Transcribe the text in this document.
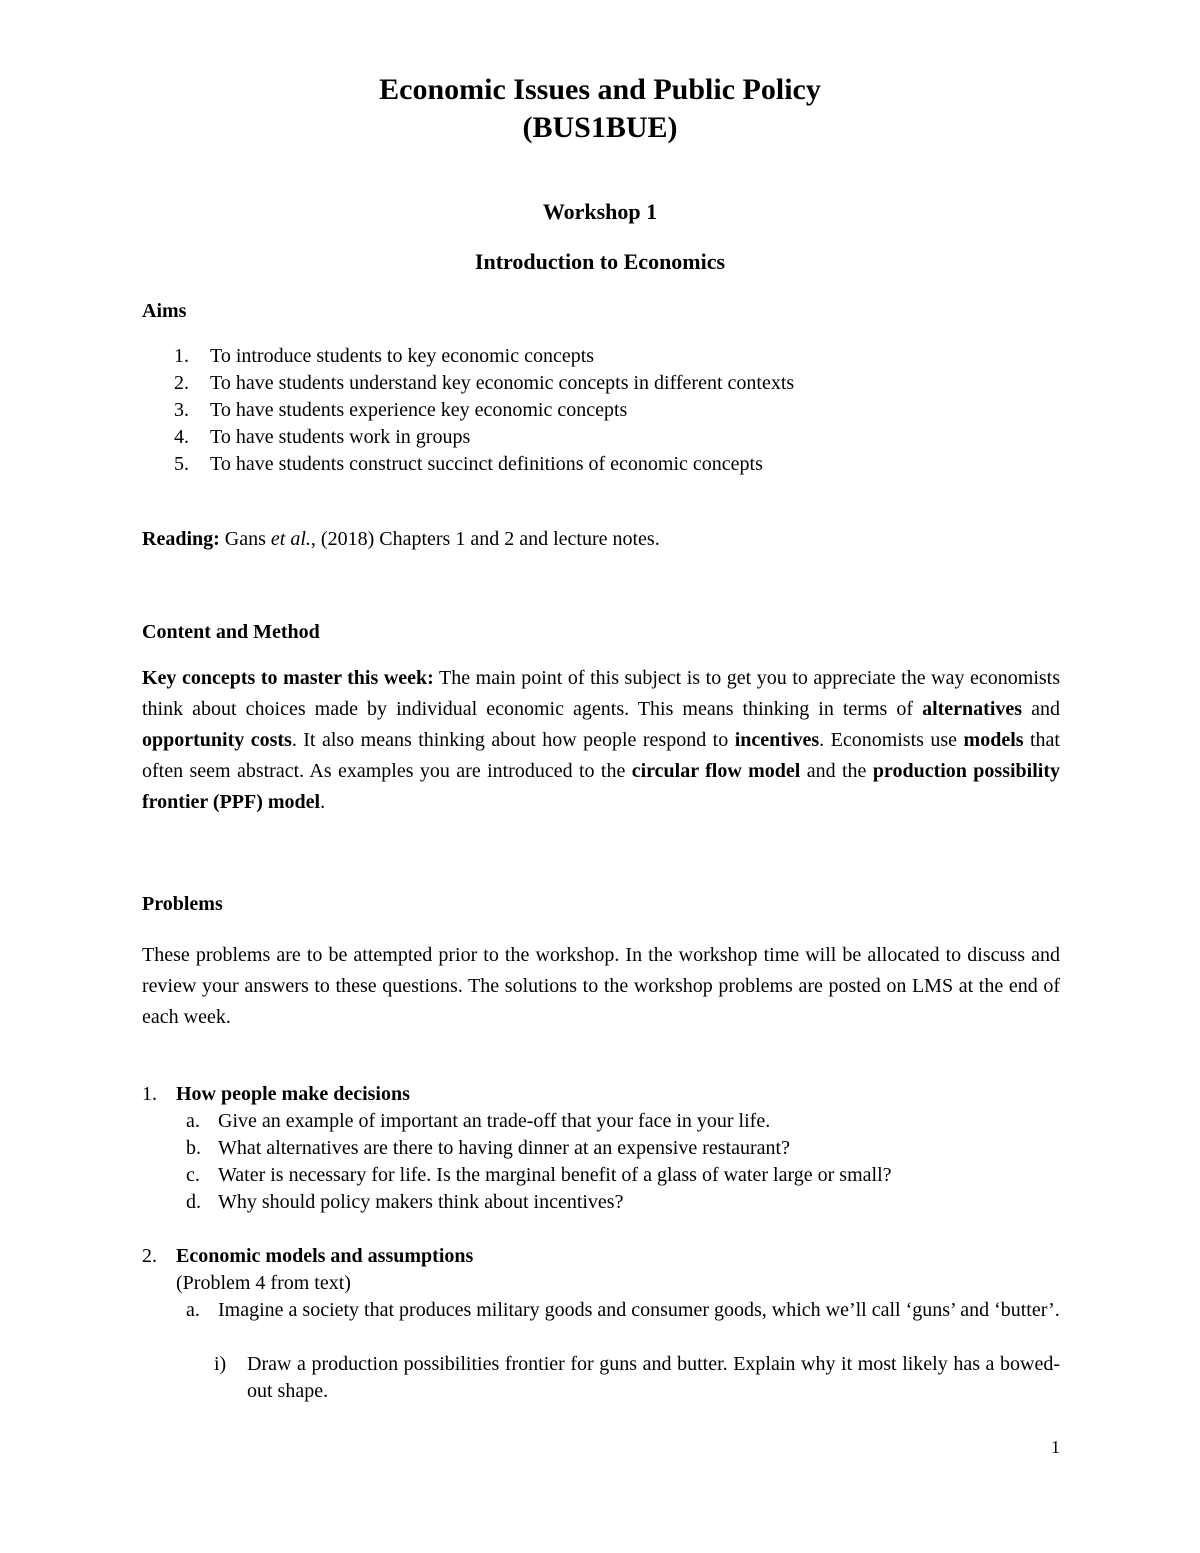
Economic Issues and Public Policy
(BUS1BUE)
Workshop 1
Introduction to Economics
Aims
1. To introduce students to key economic concepts
2. To have students understand key economic concepts in different contexts
3. To have students experience key economic concepts
4. To have students work in groups
5. To have students construct succinct definitions of economic concepts

Reading: Gans et al., (2018) Chapters 1 and 2 and lecture notes.

Content and Method

Key concepts to master this week: The main point of this subject is to get you to appreciate the way economists think about choices made by individual economic agents. This means thinking in terms of alternatives and opportunity costs. It also means thinking about how people respond to incentives. Economists use models that often seem abstract. As examples you are introduced to the circular flow model and the production possibility frontier (PPF) model.

Problems

These problems are to be attempted prior to the workshop. In the workshop time will be allocated to discuss and review your answers to these questions. The solutions to the workshop problems are posted on LMS at the end of each week.

1. How people make decisions
a. Give an example of important an trade-off that your face in your life.
b. What alternatives are there to having dinner at an expensive restaurant?
c. Water is necessary for life. Is the marginal benefit of a glass of water large or small?
d. Why should policy makers think about incentives?
2. Economic models and assumptions
(Problem 4 from text)
a. Imagine a society that produces military goods and consumer goods, which we’ll call ‘guns’ and ‘butter’.
i) Draw a production possibilities frontier for guns and butter. Explain why it most likely has a bowed-out shape.
1
